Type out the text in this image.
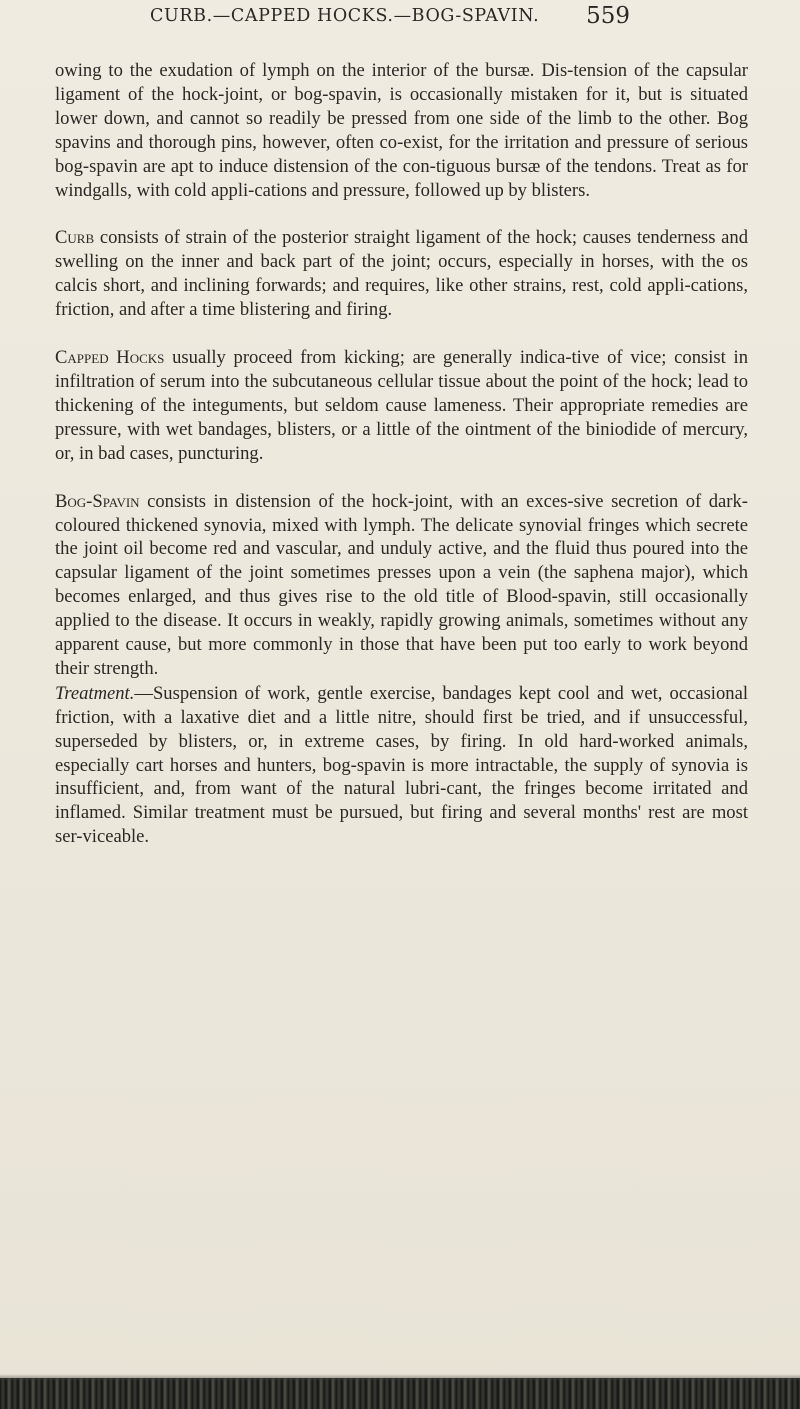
CURB.—CAPPED HOCKS.—BOG-SPAVIN. 559

owing to the exudation of lymph on the interior of the bursæ. Dis-tension of the capsular ligament of the hock-joint, or bog-spavin, is occasionally mistaken for it, but is situated lower down, and cannot so readily be pressed from one side of the limb to the other. Bog spavins and thorough pins, however, often co-exist, for the irritation and pressure of serious bog-spavin are apt to induce distension of the con-tiguous bursæ of the tendons. Treat as for windgalls, with cold appli-cations and pressure, followed up by blisters.

Curb consists of strain of the posterior straight ligament of the hock; causes tenderness and swelling on the inner and back part of the joint; occurs, especially in horses, with the os calcis short, and inclining forwards; and requires, like other strains, rest, cold appli-cations, friction, and after a time blistering and firing.

Capped Hocks usually proceed from kicking; are generally indica-tive of vice; consist in infiltration of serum into the subcutaneous cellular tissue about the point of the hock; lead to thickening of the integuments, but seldom cause lameness. Their appropriate remedies are pressure, with wet bandages, blisters, or a little of the ointment of the biniodide of mercury, or, in bad cases, puncturing.

Bog-Spavin consists in distension of the hock-joint, with an exces-sive secretion of dark-coloured thickened synovia, mixed with lymph. The delicate synovial fringes which secrete the joint oil become red and vascular, and unduly active, and the fluid thus poured into the capsular ligament of the joint sometimes presses upon a vein (the saphena major), which becomes enlarged, and thus gives rise to the old title of Blood-spavin, still occasionally applied to the disease. It occurs in weakly, rapidly growing animals, sometimes without any apparent cause, but more commonly in those that have been put too early to work beyond their strength.

Treatment.—Suspension of work, gentle exercise, bandages kept cool and wet, occasional friction, with a laxative diet and a little nitre, should first be tried, and if unsuccessful, superseded by blisters, or, in extreme cases, by firing. In old hard-worked animals, especially cart horses and hunters, bog-spavin is more intractable, the supply of synovia is insufficient, and, from want of the natural lubri-cant, the fringes become irritated and inflamed. Similar treatment must be pursued, but firing and several months' rest are most ser-viceable.
